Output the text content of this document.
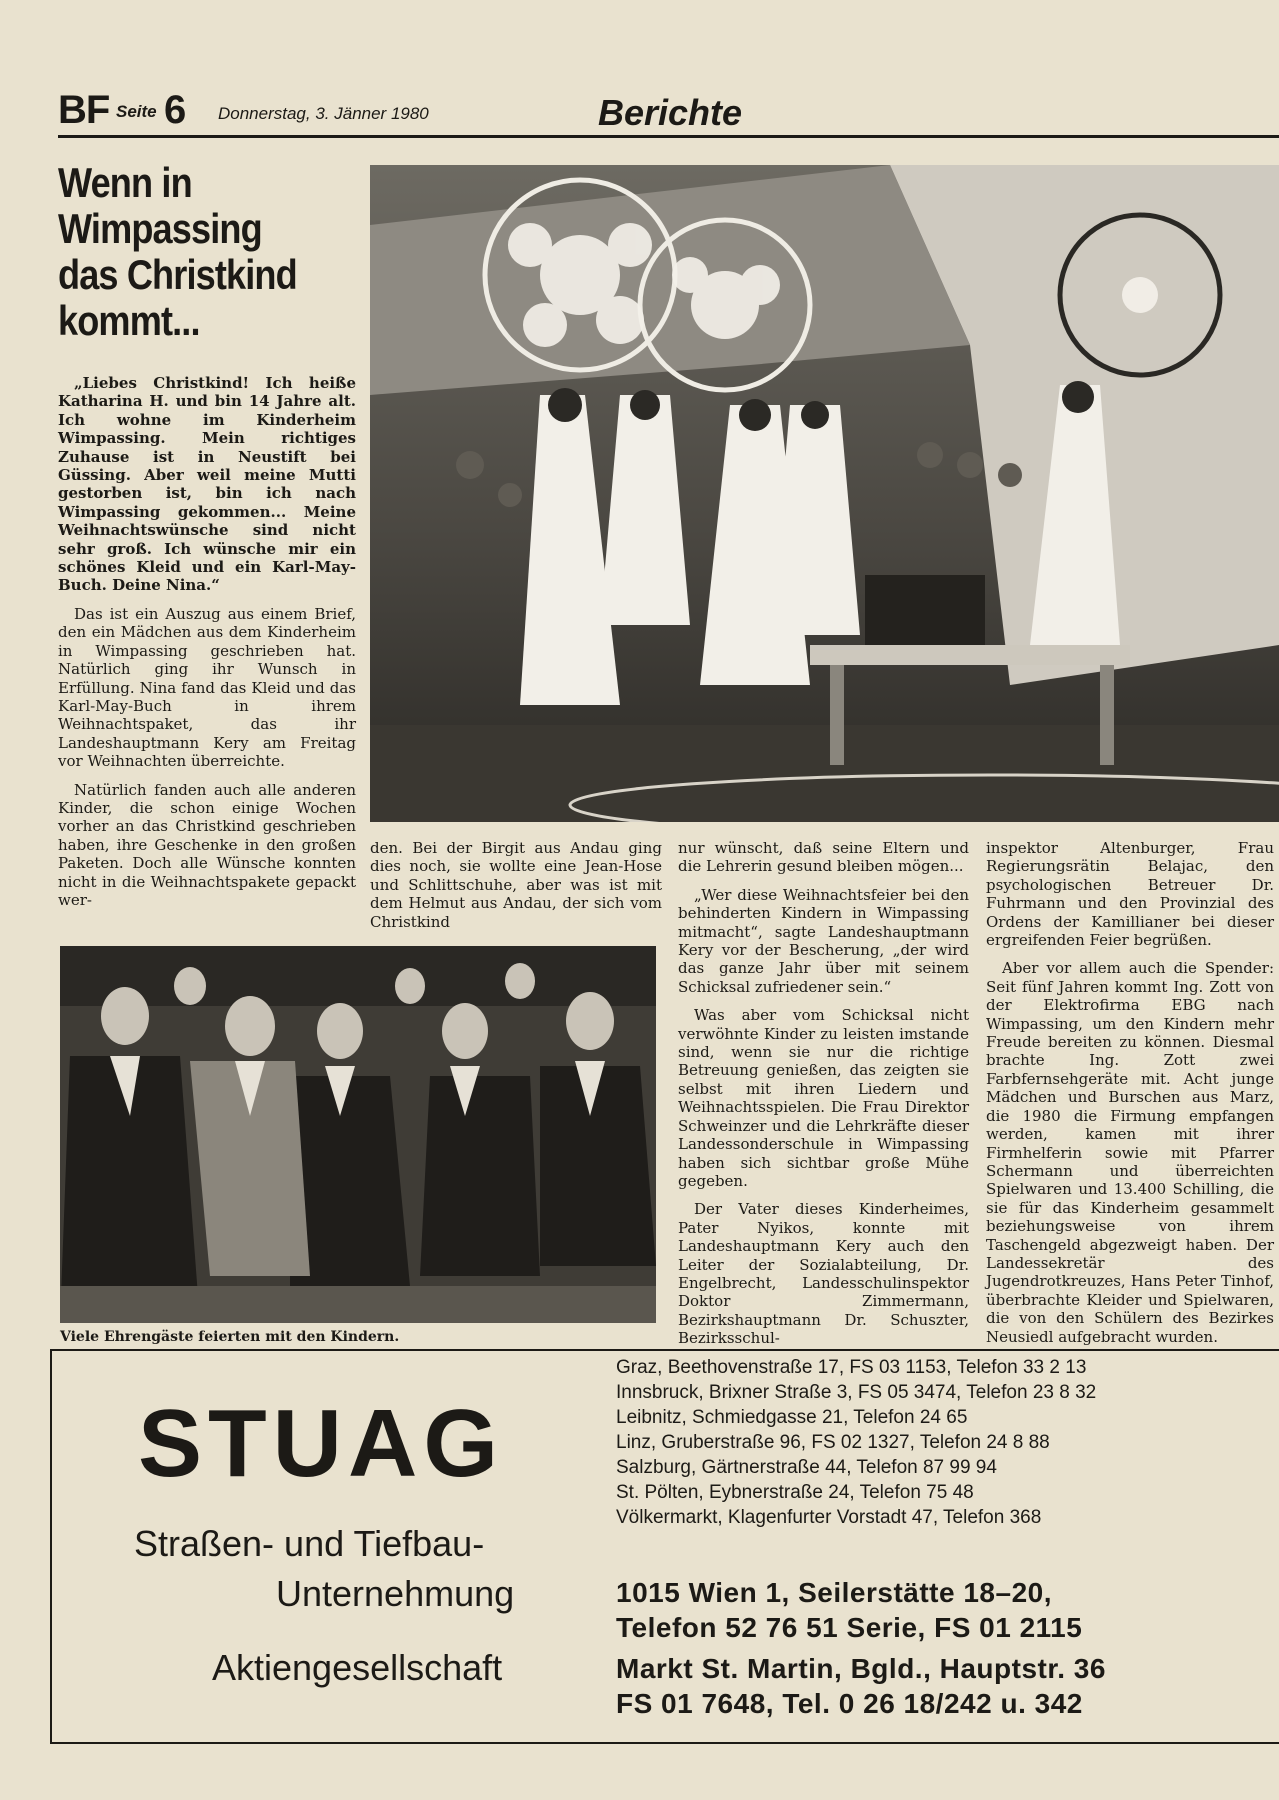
BF Seite 6 Donnerstag, 3. Jänner 1980	Berichte
Wenn in Wimpassing das Christkind kommt...

„Liebes Christkind! Ich heiße Katharina H. und bin 14 Jahre alt. Ich wohne im Kinderheim Wimpassing. Mein richtiges Zuhause ist in Neustift bei Güssing. Aber weil meine Mutti gestorben ist, bin ich nach Wimpassing gekommen... Meine Weihnachtswünsche sind nicht sehr groß. Ich wünsche mir ein schönes Kleid und ein Karl-May-Buch. Deine Nina.“

Das ist ein Auszug aus einem Brief, den ein Mädchen aus dem Kinderheim in Wimpassing geschrieben hat. Natürlich ging ihr Wunsch in Erfüllung. Nina fand das Kleid und das Karl-May-Buch in ihrem Weihnachtspaket, das ihr Landeshauptmann Kery am Freitag vor Weihnachten überreichte.

Natürlich fanden auch alle anderen Kinder, die schon einige Wochen vorher an das Christkind geschrieben haben, ihre Geschenke in den großen Paketen. Doch alle Wünsche konnten nicht in die Weihnachtspakete gepackt wer-

den. Bei der Birgit aus Andau ging dies noch, sie wollte eine Jean-Hose und Schlittschuhe, aber was ist mit dem Helmut aus Andau, der sich vom Christkind

nur wünscht, daß seine Eltern und die Lehrerin gesund bleiben mögen...

„Wer diese Weihnachtsfeier bei den behinderten Kindern in Wimpassing mitmacht“, sagte Landeshauptmann Kery vor der Bescherung, „der wird das ganze Jahr über mit seinem Schicksal zufriedener sein.“

Was aber vom Schicksal nicht verwöhnte Kinder zu leisten imstande sind, wenn sie nur die richtige Betreuung genießen, das zeigten sie selbst mit ihren Liedern und Weihnachtsspielen. Die Frau Direktor Schweinzer und die Lehrkräfte dieser Landessonderschule in Wimpassing haben sich sichtbar große Mühe gegeben.

Der Vater dieses Kinderheimes, Pater Nyikos, konnte mit Landeshauptmann Kery auch den Leiter der Sozialabteilung, Dr. Engelbrecht, Landesschulinspektor Doktor Zimmermann, Bezirkshauptmann Dr. Schuszter, Bezirksschul-

inspektor Altenburger, Frau Regierungsrätin Belajac, den psychologischen Betreuer Dr. Fuhrmann und den Provinzial des Ordens der Kamillianer bei dieser ergreifenden Feier begrüßen.

Aber vor allem auch die Spender: Seit fünf Jahren kommt Ing. Zott von der Elektrofirma EBG nach Wimpassing, um den Kindern mehr Freude bereiten zu können. Diesmal brachte Ing. Zott zwei Farbfernsehgeräte mit. Acht junge Mädchen und Burschen aus Marz, die 1980 die Firmung empfangen werden, kamen mit ihrer Firmhelferin sowie mit Pfarrer Schermann und überreichten Spielwaren und 13.400 Schilling, die sie für das Kinderheim gesammelt beziehungsweise von ihrem Taschengeld abgezweigt haben. Der Landessekretär des Jugendrotkreuzes, Hans Peter Tinhof, überbrachte Kleider und Spielwaren, die von den Schülern des Bezirkes Neusiedl aufgebracht wurden.

Viele Ehrengäste feierten mit den Kindern.
STUAG
Straßen- und Tiefbau-
Unternehmung
Aktiengesellschaft
Graz, Beethovenstraße 17, FS 03 1153, Telefon 33 2 13
Innsbruck, Brixner Straße 3, FS 05 3474, Telefon 23 8 32
Leibnitz, Schmiedgasse 21, Telefon 24 65
Linz, Gruberstraße 96, FS 02 1327, Telefon 24 8 88
Salzburg, Gärtnerstraße 44, Telefon 87 99 94
St. Pölten, Eybnerstraße 24, Telefon 75 48
Völkermarkt, Klagenfurter Vorstadt 47, Telefon 368
1015 Wien 1, Seilerstätte 18–20,
Telefon 52 76 51 Serie, FS 01 2115
Markt St. Martin, Bgld., Hauptstr. 36
FS 01 7648, Tel. 0 26 18/242 u. 342
